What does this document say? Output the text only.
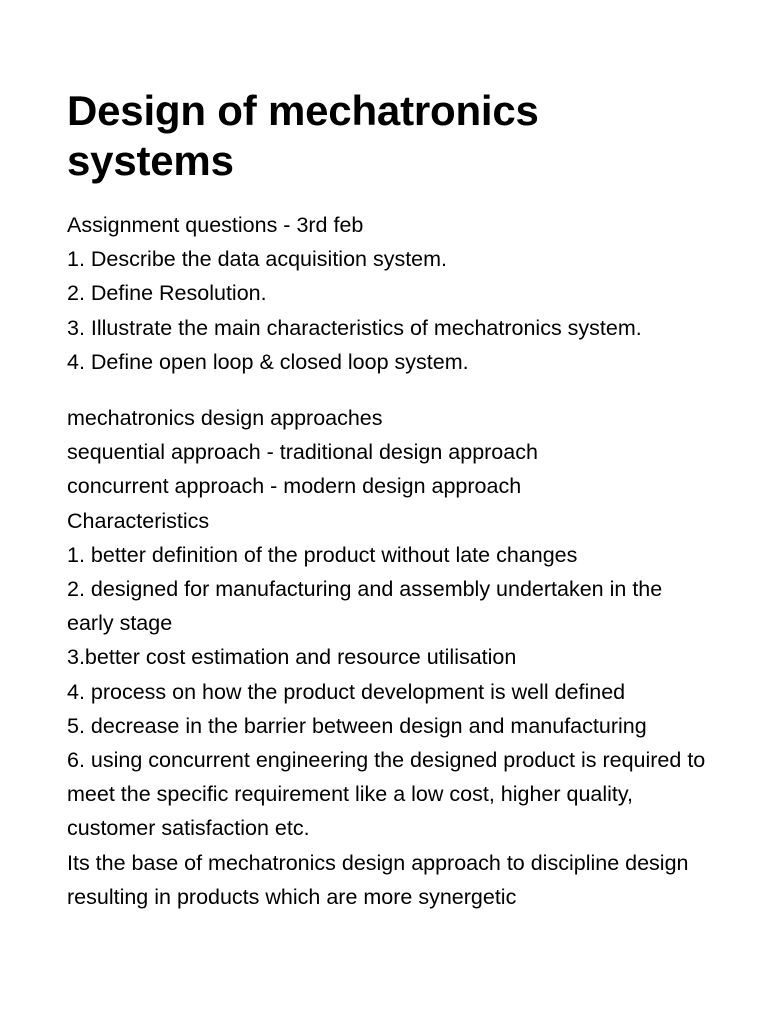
Design of mechatronics systems
Assignment questions - 3rd feb
1. Describe the data acquisition system.
2. Define Resolution.
3. Illustrate the main characteristics of mechatronics system.
4. Define open loop & closed loop system.
mechatronics design approaches
sequential approach - traditional design approach
concurrent approach - modern design approach
Characteristics
1. better definition of the product without late changes
2. designed for manufacturing and assembly undertaken in the early stage
3.better cost estimation and resource utilisation
4. process on how the product development is well defined
5. decrease in the barrier between design and manufacturing
6. using concurrent engineering the designed product is required to meet the specific requirement like a low cost, higher quality, customer satisfaction etc.
Its the base of mechatronics design approach to discipline design resulting in products which are more synergetic
